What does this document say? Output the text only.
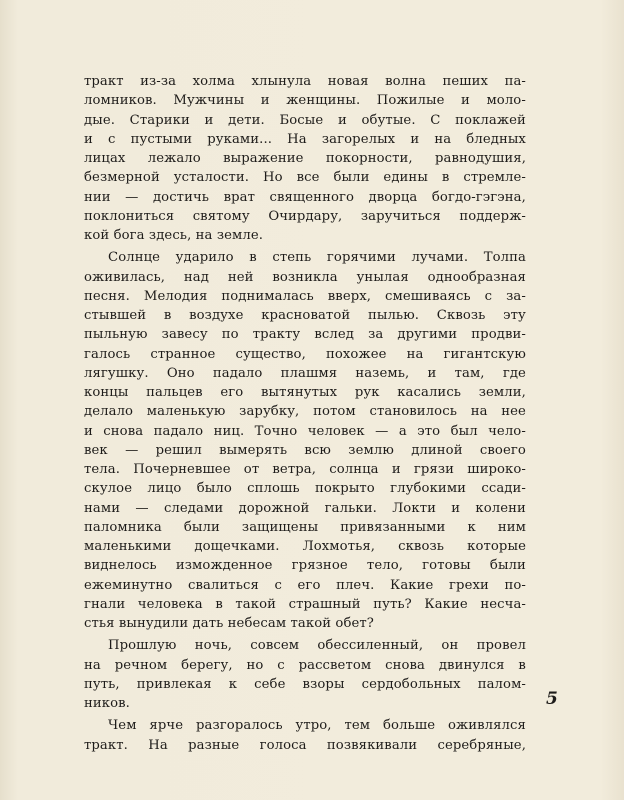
тракт из-за холма хлынула новая волна пеших па-
ломников. Мужчины и женщины. Пожилые и моло-
дые. Старики и дети. Босые и обутые. С поклажей
и с пустыми руками... На загорелых и на бледных
лицах лежало выражение покорности, равнодушия,
безмерной усталости. Но все были едины в стремле-
нии — достичь врат священного дворца богдо-гэгэна,
поклониться святому Очирдару, заручиться поддерж-
кой бога здесь, на земле.
Солнце ударило в степь горячими лучами. Толпа
оживилась, над ней возникла унылая однообразная
песня. Мелодия поднималась вверх, смешиваясь с за-
стывшей в воздухе красноватой пылью. Сквозь эту
пыльную завесу по тракту вслед за другими продви-
галось странное существо, похожее на гигантскую
лягушку. Оно падало плашмя наземь, и там, где
концы пальцев его вытянутых рук касались земли,
делало маленькую зарубку, потом становилось на нее
и снова падало ниц. Точно человек — а это был чело-
век — решил вымерять всю землю длиной своего
тела. Почерневшее от ветра, солнца и грязи широко-
скулое лицо было сплошь покрыто глубокими ссади-
нами — следами дорожной гальки. Локти и колени
паломника были защищены привязанными к ним
маленькими дощечками. Лохмотья, сквозь которые
виднелось изможденное грязное тело, готовы были
ежеминутно свалиться с его плеч. Какие грехи по-
гнали человека в такой страшный путь? Какие несча-
стья вынудили дать небесам такой обет?
Прошлую ночь, совсем обессиленный, он провел
на речном берегу, но с рассветом снова двинулся в
путь, привлекая к себе взоры сердобольных палом-
ников.
Чем ярче разгоралось утро, тем больше оживлялся
тракт. На разные голоса позвякивали серебряные,
5
